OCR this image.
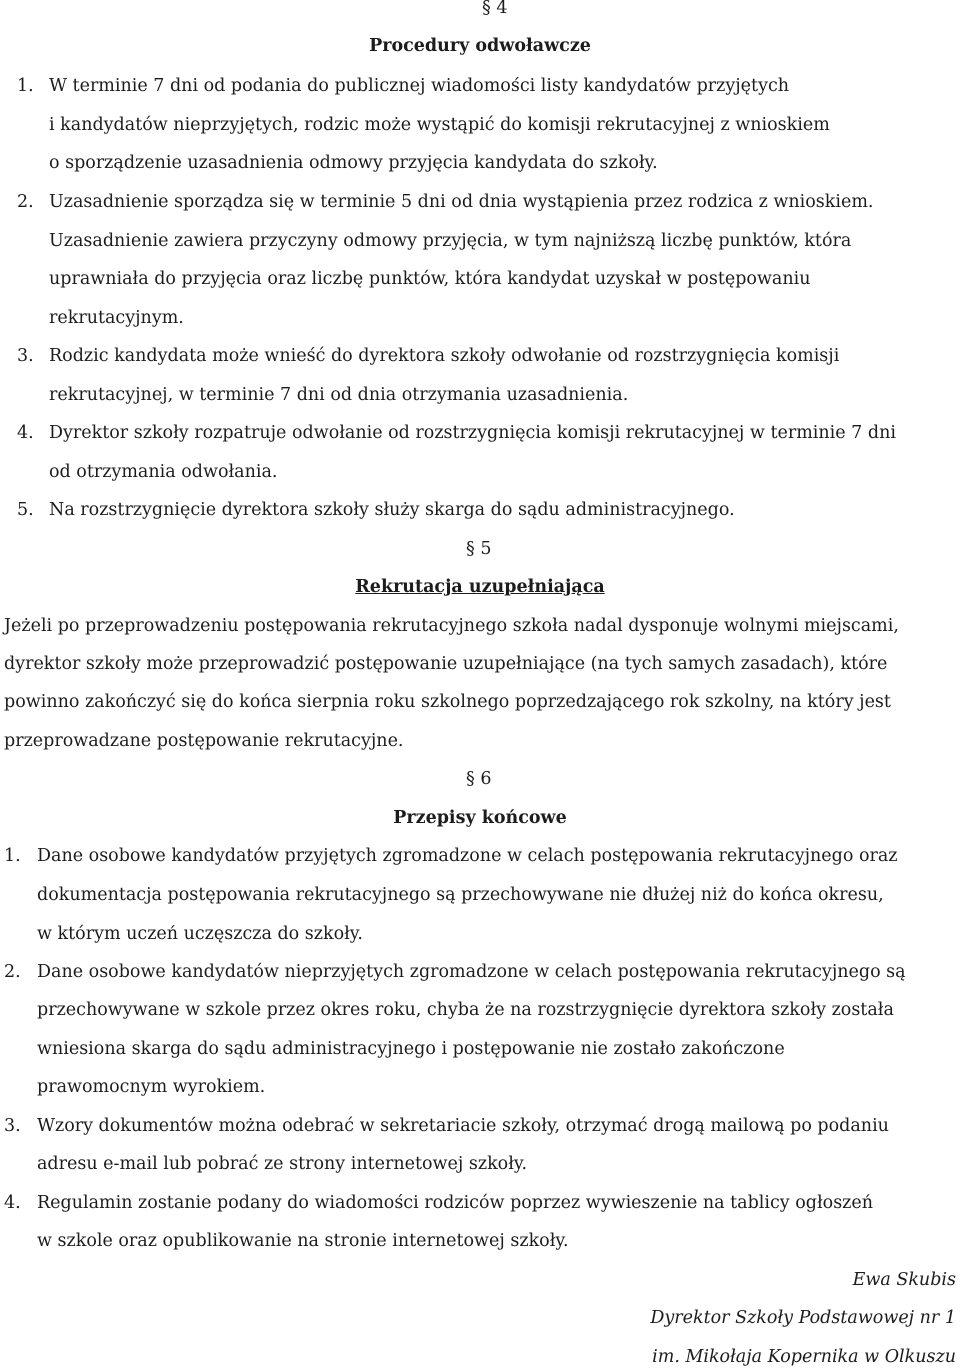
§ 4
Procedury odwoławcze
1. W terminie 7 dni od podania do publicznej wiadomości listy kandydatów przyjętych
i kandydatów nieprzyjętych, rodzic może wystąpić do komisji rekrutacyjnej z wnioskiem
o sporządzenie uzasadnienia odmowy przyjęcia kandydata do szkoły.
2. Uzasadnienie sporządza się w terminie 5 dni od dnia wystąpienia przez rodzica z wnioskiem.
Uzasadnienie zawiera przyczyny odmowy przyjęcia, w tym najniższą liczbę punktów, która
uprawniała do przyjęcia oraz liczbę punktów, która kandydat uzyskał w postępowaniu
rekrutacyjnym.
3. Rodzic kandydata może wnieść do dyrektora szkoły odwołanie od rozstrzygnięcia komisji
rekrutacyjnej, w terminie 7 dni od dnia otrzymania uzasadnienia.
4. Dyrektor szkoły rozpatruje odwołanie od rozstrzygnięcia komisji rekrutacyjnej w terminie 7 dni
od otrzymania odwołania.
5. Na rozstrzygnięcie dyrektora szkoły służy skarga do sądu administracyjnego.
§ 5
Rekrutacja uzupełniająca
Jeżeli po przeprowadzeniu postępowania rekrutacyjnego szkoła nadal dysponuje wolnymi miejscami,
dyrektor szkoły może przeprowadzić postępowanie uzupełniające (na tych samych zasadach), które
powinno zakończyć się do końca sierpnia roku szkolnego poprzedzającego rok szkolny, na który jest
przeprowadzane postępowanie rekrutacyjne.
§ 6
Przepisy końcowe
1. Dane osobowe kandydatów przyjętych zgromadzone w celach postępowania rekrutacyjnego oraz
dokumentacja postępowania rekrutacyjnego są przechowywane nie dłużej niż do końca okresu,
w którym uczeń uczęszcza do szkoły.
2. Dane osobowe kandydatów nieprzyjętych zgromadzone w celach postępowania rekrutacyjnego są
przechowywane w szkole przez okres roku, chyba że na rozstrzygnięcie dyrektora szkoły została
wniesiona skarga do sądu administracyjnego i postępowanie nie zostało zakończone
prawomocnym wyrokiem.
3. Wzory dokumentów można odebrać w sekretariacie szkoły, otrzymać drogą mailową po podaniu
adresu e-mail lub pobrać ze strony internetowej szkoły.
4. Regulamin zostanie podany do wiadomości rodziców poprzez wywieszenie na tablicy ogłoszeń
w szkole oraz opublikowanie na stronie internetowej szkoły.
Ewa Skubis
Dyrektor Szkoły Podstawowej nr 1
im. Mikołaja Kopernika w Olkuszu
